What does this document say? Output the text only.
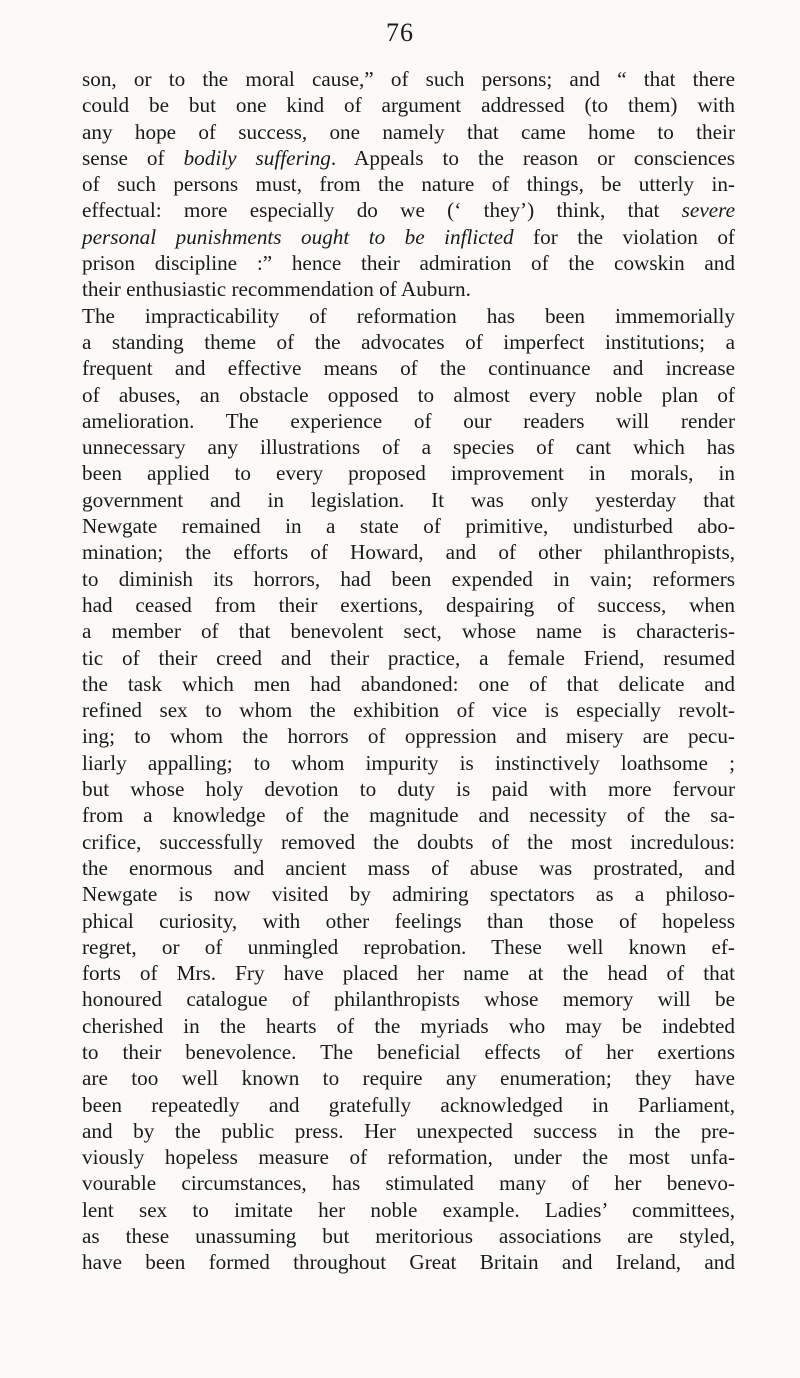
76
son, or to the moral cause,” of such persons; and “ that there
could be but one kind of argument addressed (to them) with
any hope of success, one namely that came home to their
sense of bodily suffering. Appeals to the reason or consciences
of such persons must, from the nature of things, be utterly in-
effectual: more especially do we (‘ they’) think, that severe
personal punishments ought to be inflicted for the violation of
prison discipline :” hence their admiration of the cowskin and
their enthusiastic recommendation of Auburn.
The impracticability of reformation has been immemorially
a standing theme of the advocates of imperfect institutions; a
frequent and effective means of the continuance and increase
of abuses, an obstacle opposed to almost every noble plan of
amelioration. The experience of our readers will render
unnecessary any illustrations of a species of cant which has
been applied to every proposed improvement in morals, in
government and in legislation. It was only yesterday that
Newgate remained in a state of primitive, undisturbed abo-
mination; the efforts of Howard, and of other philanthropists,
to diminish its horrors, had been expended in vain; reformers
had ceased from their exertions, despairing of success, when
a member of that benevolent sect, whose name is characteris-
tic of their creed and their practice, a female Friend, resumed
the task which men had abandoned: one of that delicate and
refined sex to whom the exhibition of vice is especially revolt-
ing; to whom the horrors of oppression and misery are pecu-
liarly appalling; to whom impurity is instinctively loathsome ;
but whose holy devotion to duty is paid with more fervour
from a knowledge of the magnitude and necessity of the sa-
crifice, successfully removed the doubts of the most incredulous:
the enormous and ancient mass of abuse was prostrated, and
Newgate is now visited by admiring spectators as a philoso-
phical curiosity, with other feelings than those of hopeless
regret, or of unmingled reprobation. These well known ef-
forts of Mrs. Fry have placed her name at the head of that
honoured catalogue of philanthropists whose memory will be
cherished in the hearts of the myriads who may be indebted
to their benevolence. The beneficial effects of her exertions
are too well known to require any enumeration; they have
been repeatedly and gratefully acknowledged in Parliament,
and by the public press. Her unexpected success in the pre-
viously hopeless measure of reformation, under the most unfa-
vourable circumstances, has stimulated many of her benevo-
lent sex to imitate her noble example. Ladies’ committees,
as these unassuming but meritorious associations are styled,
have been formed throughout Great Britain and Ireland, and
